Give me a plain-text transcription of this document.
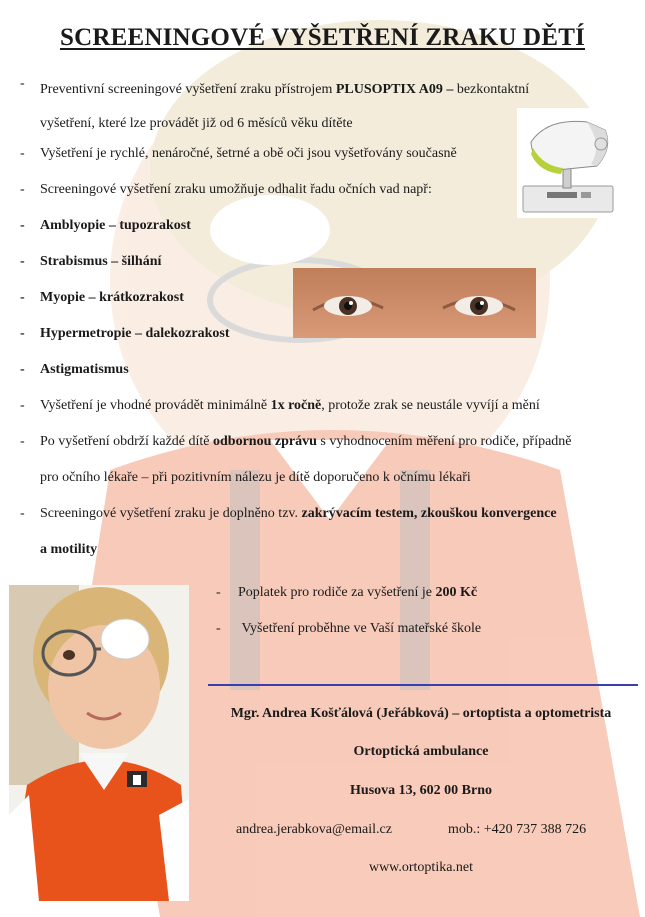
SCREENINGOVÉ VYŠETŘENÍ ZRAKU DĚTÍ
- Preventivní screeningové vyšetření zraku přístrojem PLUSOPTIX A09 – bezkontaktní
vyšetření, které lze provádět již od 6 měsíců věku dítěte
- Vyšetření je rychlé, nenáročné, šetrné a obě oči jsou vyšetřovány současně
- Screeningové vyšetření zraku umožňuje odhalit řadu očních vad např:
- Amblyopie – tupozrakost
- Strabismus – šilhání
- Myopie – krátkozrakost
- Hypermetropie – dalekozrakost
- Astigmatismus
- Vyšetření je vhodné provádět minimálně 1x ročně, protože zrak se neustále vyvíjí a mění
- Po vyšetření obdrží každé dítě odbornou zprávu s vyhodnocením měření pro rodiče, případně
pro očního lékaře – při pozitivním nálezu je dítě doporučeno k očnímu lékaři
- Screeningové vyšetření zraku je doplněno tzv. zakrývacím testem, zkouškou konvergence
a motility
- Poplatek pro rodiče za vyšetření je 200 Kč
- Vyšetření proběhne ve Vaší mateřské škole
Mgr. Andrea Košťálová (Jeřábková) – ortoptista a optometrista
Ortoptická ambulance
Husova 13, 602 00 Brno
andrea.jerabkova@email.cz	mob.: +420 737 388 726
www.ortoptika.net
